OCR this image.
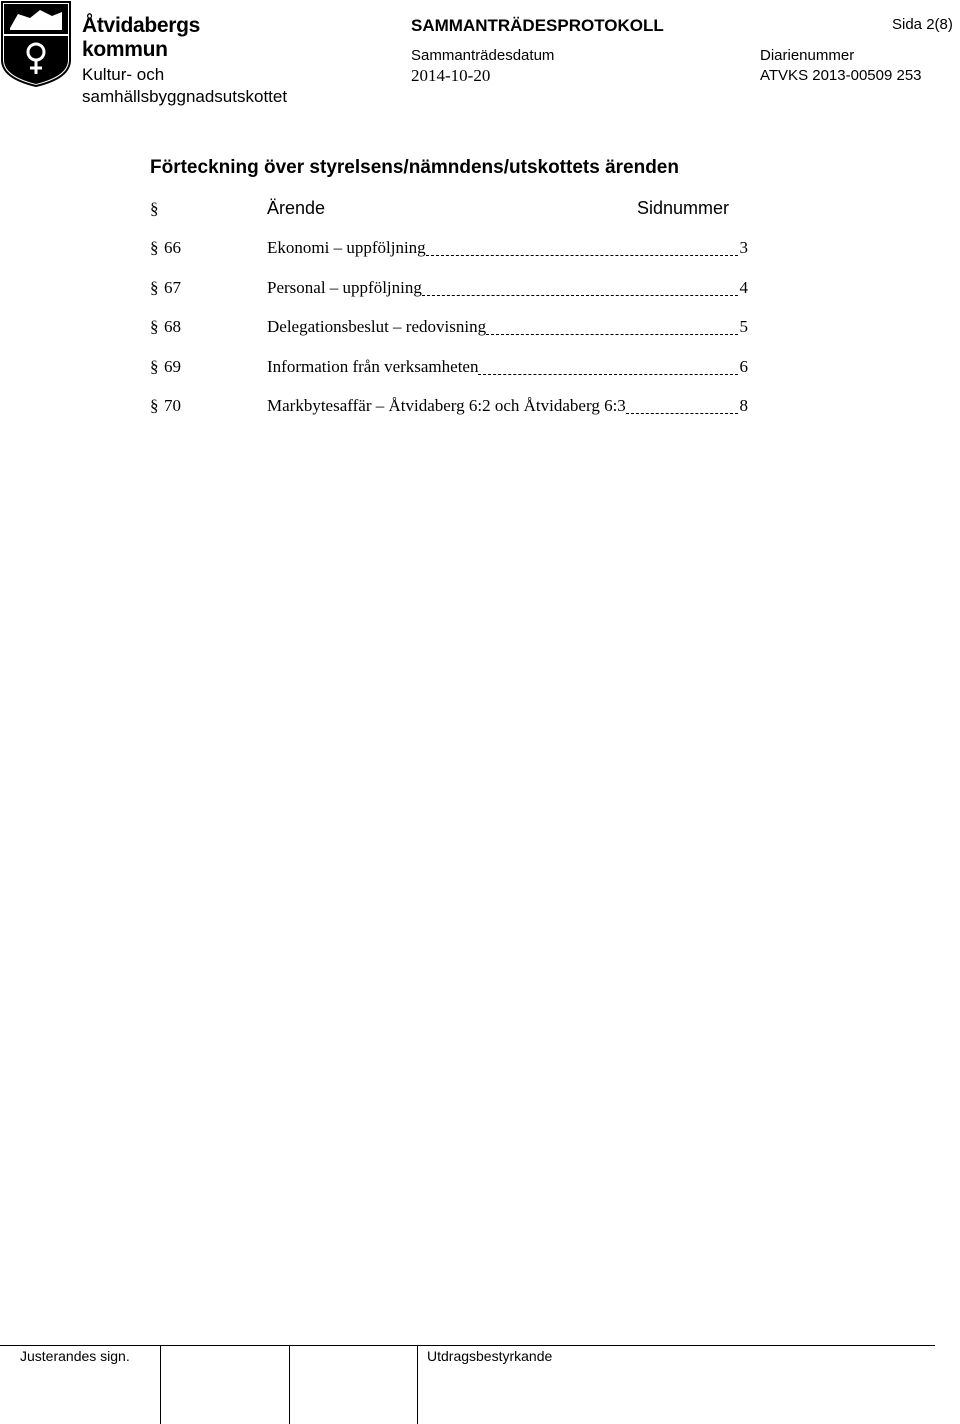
Åtvidabergs kommun
Kultur- och samhällsbyggnadsutskottet
SAMMANTRÄDESPROTOKOLL	Sida 2(8)
Sammanträdesdatum
2014-10-20
Diarienummer
ATVKS 2013-00509 253
Förteckning över styrelsens/nämndens/utskottets ärenden
§	Ärende	Sidnummer
§ 66	Ekonomi – uppföljning	3
§ 67	Personal – uppföljning	4
§ 68	Delegationsbeslut – redovisning	5
§ 69	Information från verksamheten	6
§ 70	Markbytesaffär – Åtvidaberg 6:2 och Åtvidaberg 6:3	8
Justerandes sign.	Utdragsbestyrkande
